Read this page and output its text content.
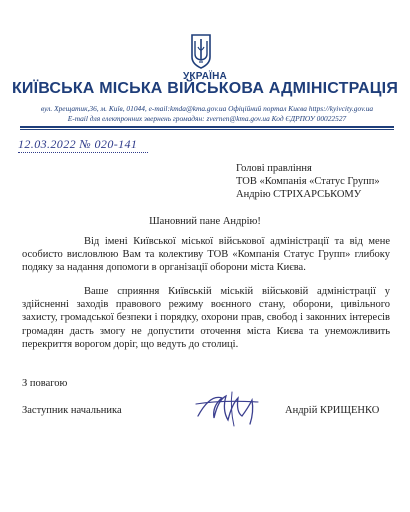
УКРАЇНА
КИЇВСЬКА МІСЬКА ВІЙСЬКОВА АДМІНІСТРАЦІЯ
вул. Хрещатик,36, м. Київ, 01044, e-mail:kmda@kma.gov.ua Офіційний портал Києва https://kyivcity.gov.ua
E-mail для електронних звернень громадян: zvernen@kma.gov.ua Код ЄДРПОУ 00022527
12.03.2022 № 020-141
Голові правління
ТОВ «Компанія «Статус Групп»
Андрію СТРІХАРСЬКОМУ
Шановний пане Андрію!
Від імені Київської міської військової адміністрації та від мене особисто висловлюю Вам та колективу ТОВ «Компанія Статус Групп» глибоку подяку за надання допомоги в організації оборони міста Києва.
Ваше сприяння Київській міській військовій адміністрації у здійсненні заходів правового режиму воєнного стану, оборони, цивільного захисту, громадської безпеки і порядку, охорони прав, свобод і законних інтересів громадян дасть змогу не допустити оточення міста Києва та унеможливить перекриття ворогом доріг, що ведуть до столиці.
З повагою
Заступник начальника	Андрій КРИЩЕНКО
